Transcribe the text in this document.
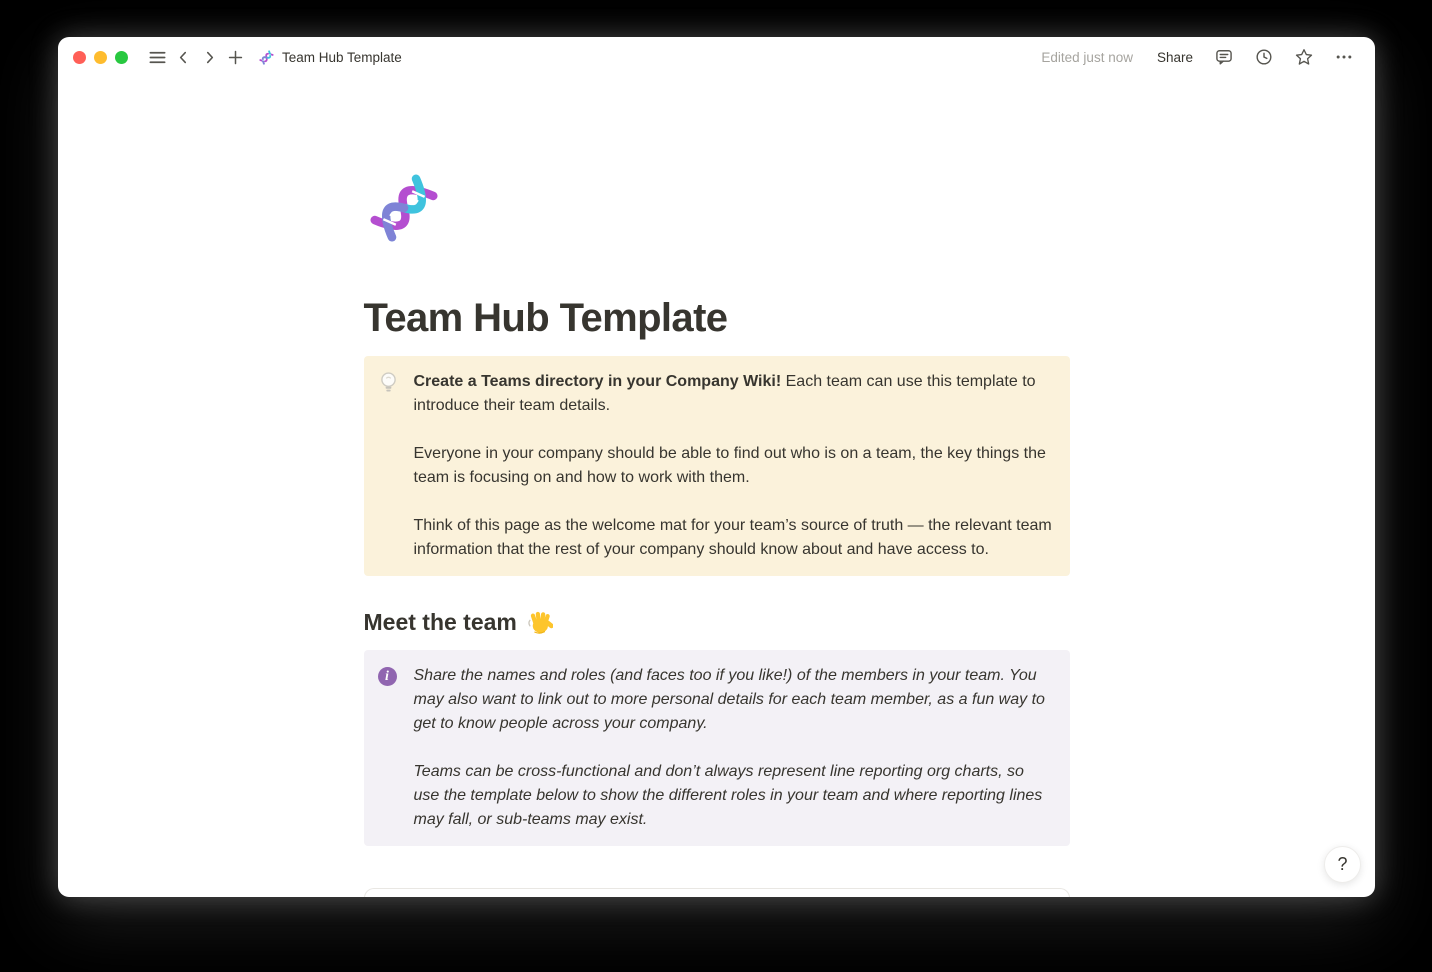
Team Hub Template	Edited just now Share
Team Hub Template

Create a Teams directory in your Company Wiki! Each team can use this template to introduce their team details.

Everyone in your company should be able to find out who is on a team, the key things the team is focusing on and how to work with them.

Think of this page as the welcome mat for your team’s source of truth — the relevant team information that the rest of your company should know about and have access to.

Meet the team
i	Share the names and roles (and faces too if you like!) of the members in your team. You may also want to link out to more personal details for each team member, as a fun way to get to know people across your company.

Teams can be cross-functional and don’t always represent line reporting org charts, so use the template below to show the different roles in your team and where reporting lines may fall, or sub-teams may exist.

?
